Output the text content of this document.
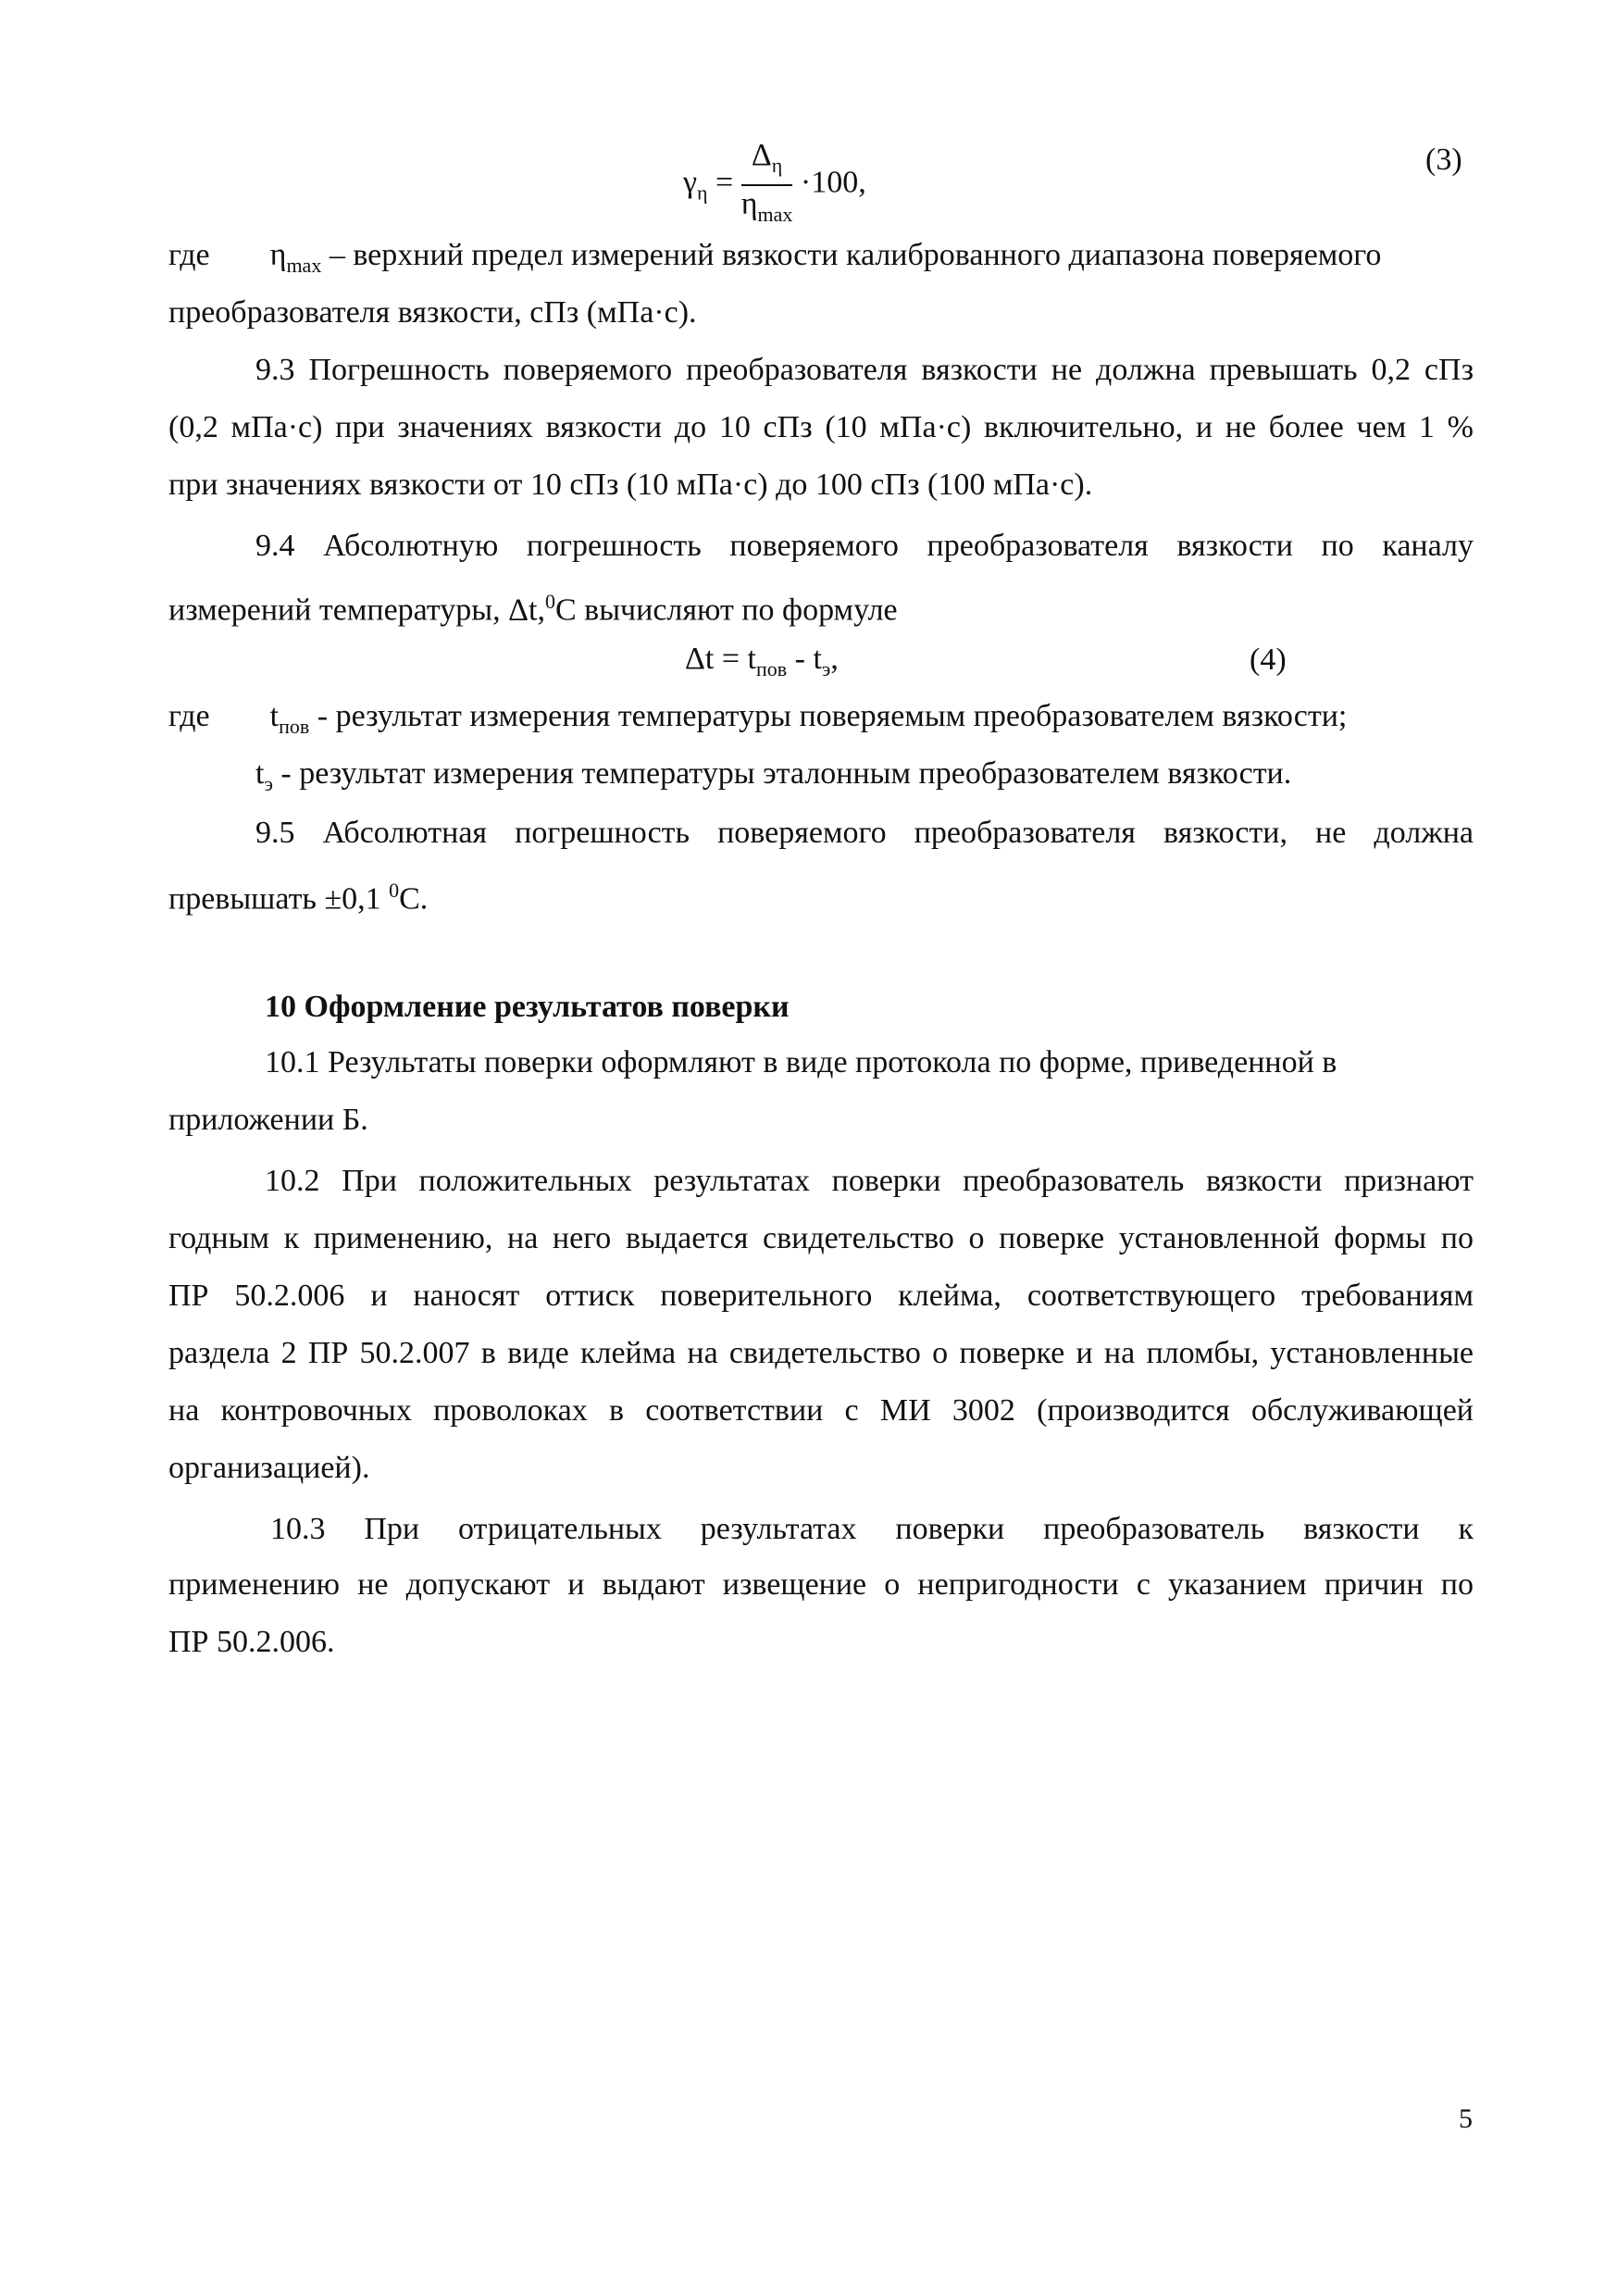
$\gamma_\eta = \frac{\Delta_\eta}{\eta_{max}} \cdot 100$,
(3)
где $\eta_{max}$ – верхний предел измерений вязкости калиброванного диапазона поверяемого
преобразователя вязкости, сПз (мПа·с).
9.3 Погрешность поверяемого преобразователя вязкости не должна превышать 0,2 сПз
(0,2 мПа·с) при значениях вязкости до 10 сПз (10 мПа·с) включительно, и не более чем 1 %
при значениях вязкости от 10 сПз (10 мПа·с) до 100 сПз (100 мПа·с).
9.4 Абсолютную погрешность поверяемого преобразователя вязкости по каналу
измерений температуры, Δt,$^0$С вычисляют по формуле
$\Delta t = t_{пов} - t_э$,	(4)
где $t_{пов}$ - результат измерения температуры поверяемым преобразователем вязкости;
$t_э$ - результат измерения температуры эталонным преобразователем вязкости.
9.5 Абсолютная погрешность поверяемого преобразователя вязкости, не должна
превышать ±0,1 $^0$С.
10 Оформление результатов поверки
10.1 Результаты поверки оформляют в виде протокола по форме, приведенной в
приложении Б.
10.2 При положительных результатах поверки преобразователь вязкости признают
годным к применению, на него выдается свидетельство о поверке установленной формы по
ПР 50.2.006 и наносят оттиск поверительного клейма, соответствующего требованиям
раздела 2 ПР 50.2.007 в виде клейма на свидетельство о поверке и на пломбы, установленные
на контровочных проволоках в соответствии с МИ 3002 (производится обслуживающей
организацией).
10.3 При отрицательных результатах поверки преобразователь вязкости к
применению не допускают и выдают извещение о непригодности с указанием причин по
ПР 50.2.006.
5
